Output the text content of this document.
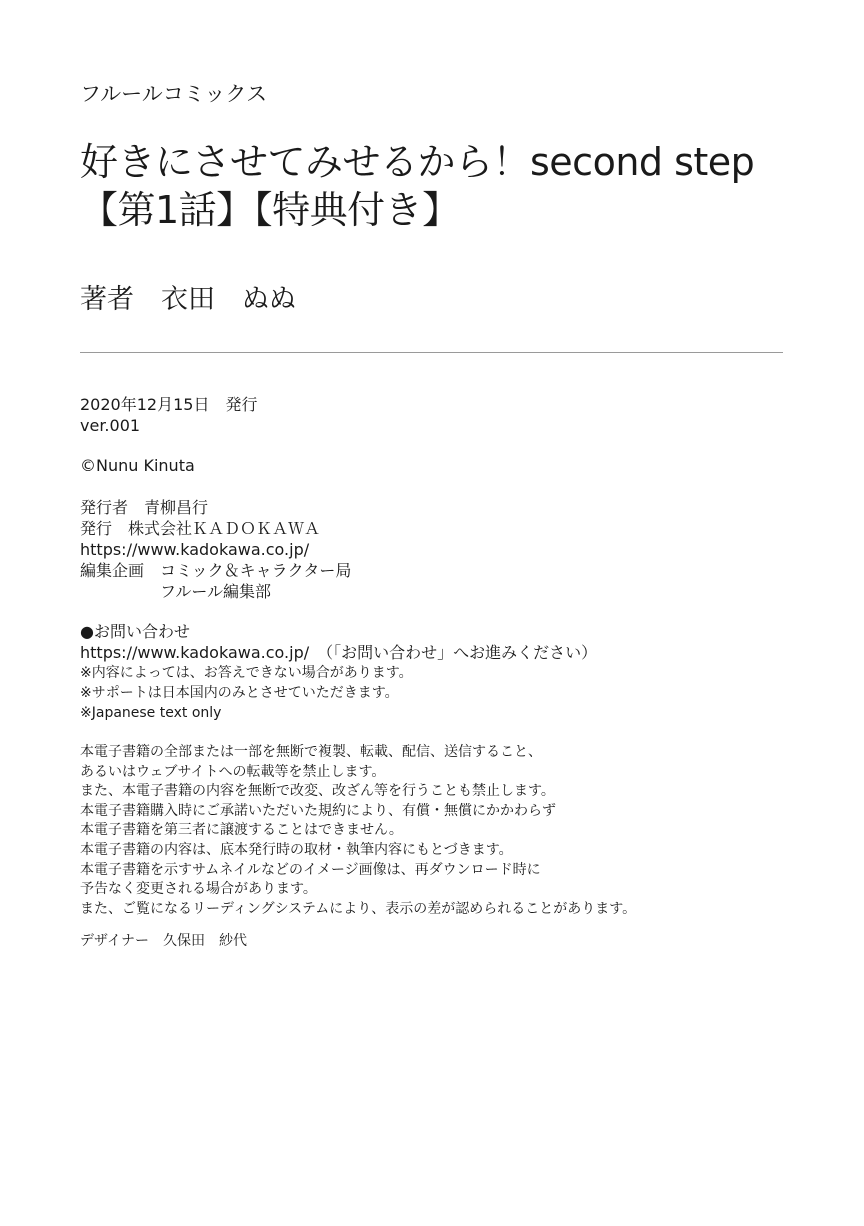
フルールコミックス
好きにさせてみせるから！second step
【第1話】【特典付き】
著者　衣田　ぬぬ
2020年12月15日　発行
ver.001
©Nunu Kinuta
発行者　青柳昌行
発行　株式会社ＫＡＤＯＫＡＷＡ
https://www.kadokawa.co.jp/
編集企画　コミック＆キャラクター局
　　　　　フルール編集部
●お問い合わせ
https://www.kadokawa.co.jp/　（「お問い合わせ」へお進みください）
※内容によっては、お答えできない場合があります。
※サポートは日本国内のみとさせていただきます。
※Japanese text only
本電子書籍の全部または一部を無断で複製、転載、配信、送信すること、
あるいはウェブサイトへの転載等を禁止します。
また、本電子書籍の内容を無断で改変、改ざん等を行うことも禁止します。
本電子書籍購入時にご承諾いただいた規約により、有償・無償にかかわらず
本電子書籍を第三者に譲渡することはできません。
本電子書籍の内容は、底本発行時の取材・執筆内容にもとづきます。
本電子書籍を示すサムネイルなどのイメージ画像は、再ダウンロード時に
予告なく変更される場合があります。
また、ご覧になるリーディングシステムにより、表示の差が認められることがあります。
デザイナー　久保田　紗代
